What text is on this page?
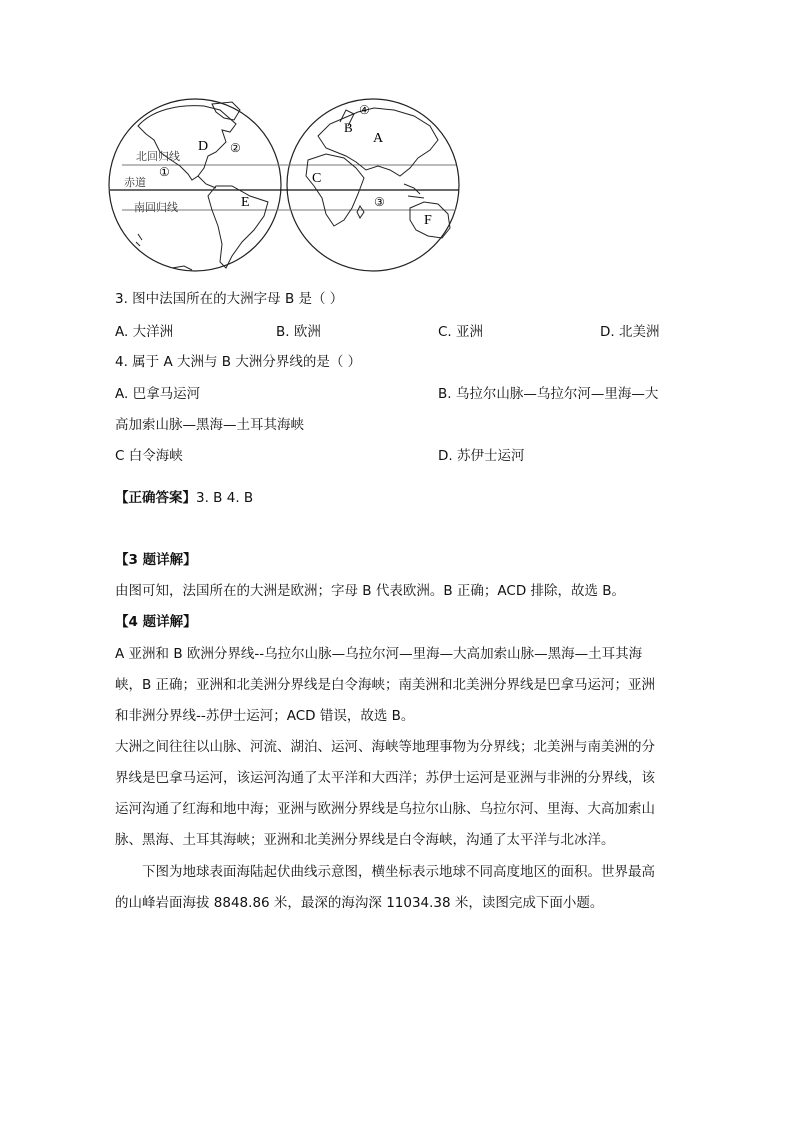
北回归线
赤道
南回归线
D
E
A
B
C
F
①
②
③
④
3. 图中法国所在的大洲字母 B 是（ ）
A. 大洋洲	B. 欧洲	C. 亚洲	D. 北美洲
4. 属于 A 大洲与 B 大洲分界线的是（ ）
A. 巴拿马运河	B. 乌拉尔山脉—乌拉尔河—里海—大
高加索山脉—黑海—土耳其海峡
C 白令海峡	D. 苏伊士运河
【正确答案】3. B 4. B
【3 题详解】
由图可知，法国所在的大洲是欧洲；字母 B 代表欧洲。B 正确；ACD 排除，故选 B。
【4 题详解】
A 亚洲和 B 欧洲分界线--乌拉尔山脉—乌拉尔河—里海—大高加索山脉—黑海—土耳其海
峡，B 正确；亚洲和北美洲分界线是白令海峡；南美洲和北美洲分界线是巴拿马运河；亚洲
和非洲分界线--苏伊士运河；ACD 错误，故选 B。
大洲之间往往以山脉、河流、湖泊、运河、海峡等地理事物为分界线；北美洲与南美洲的分
界线是巴拿马运河，该运河沟通了太平洋和大西洋；苏伊士运河是亚洲与非洲的分界线，该
运河沟通了红海和地中海；亚洲与欧洲分界线是乌拉尔山脉、乌拉尔河、里海、大高加索山
脉、黑海、土耳其海峡；亚洲和北美洲分界线是白令海峡，沟通了太平洋与北冰洋。
下图为地球表面海陆起伏曲线示意图，横坐标表示地球不同高度地区的面积。世界最高
的山峰岩面海拔 8848.86 米，最深的海沟深 11034.38 米，读图完成下面小题。
